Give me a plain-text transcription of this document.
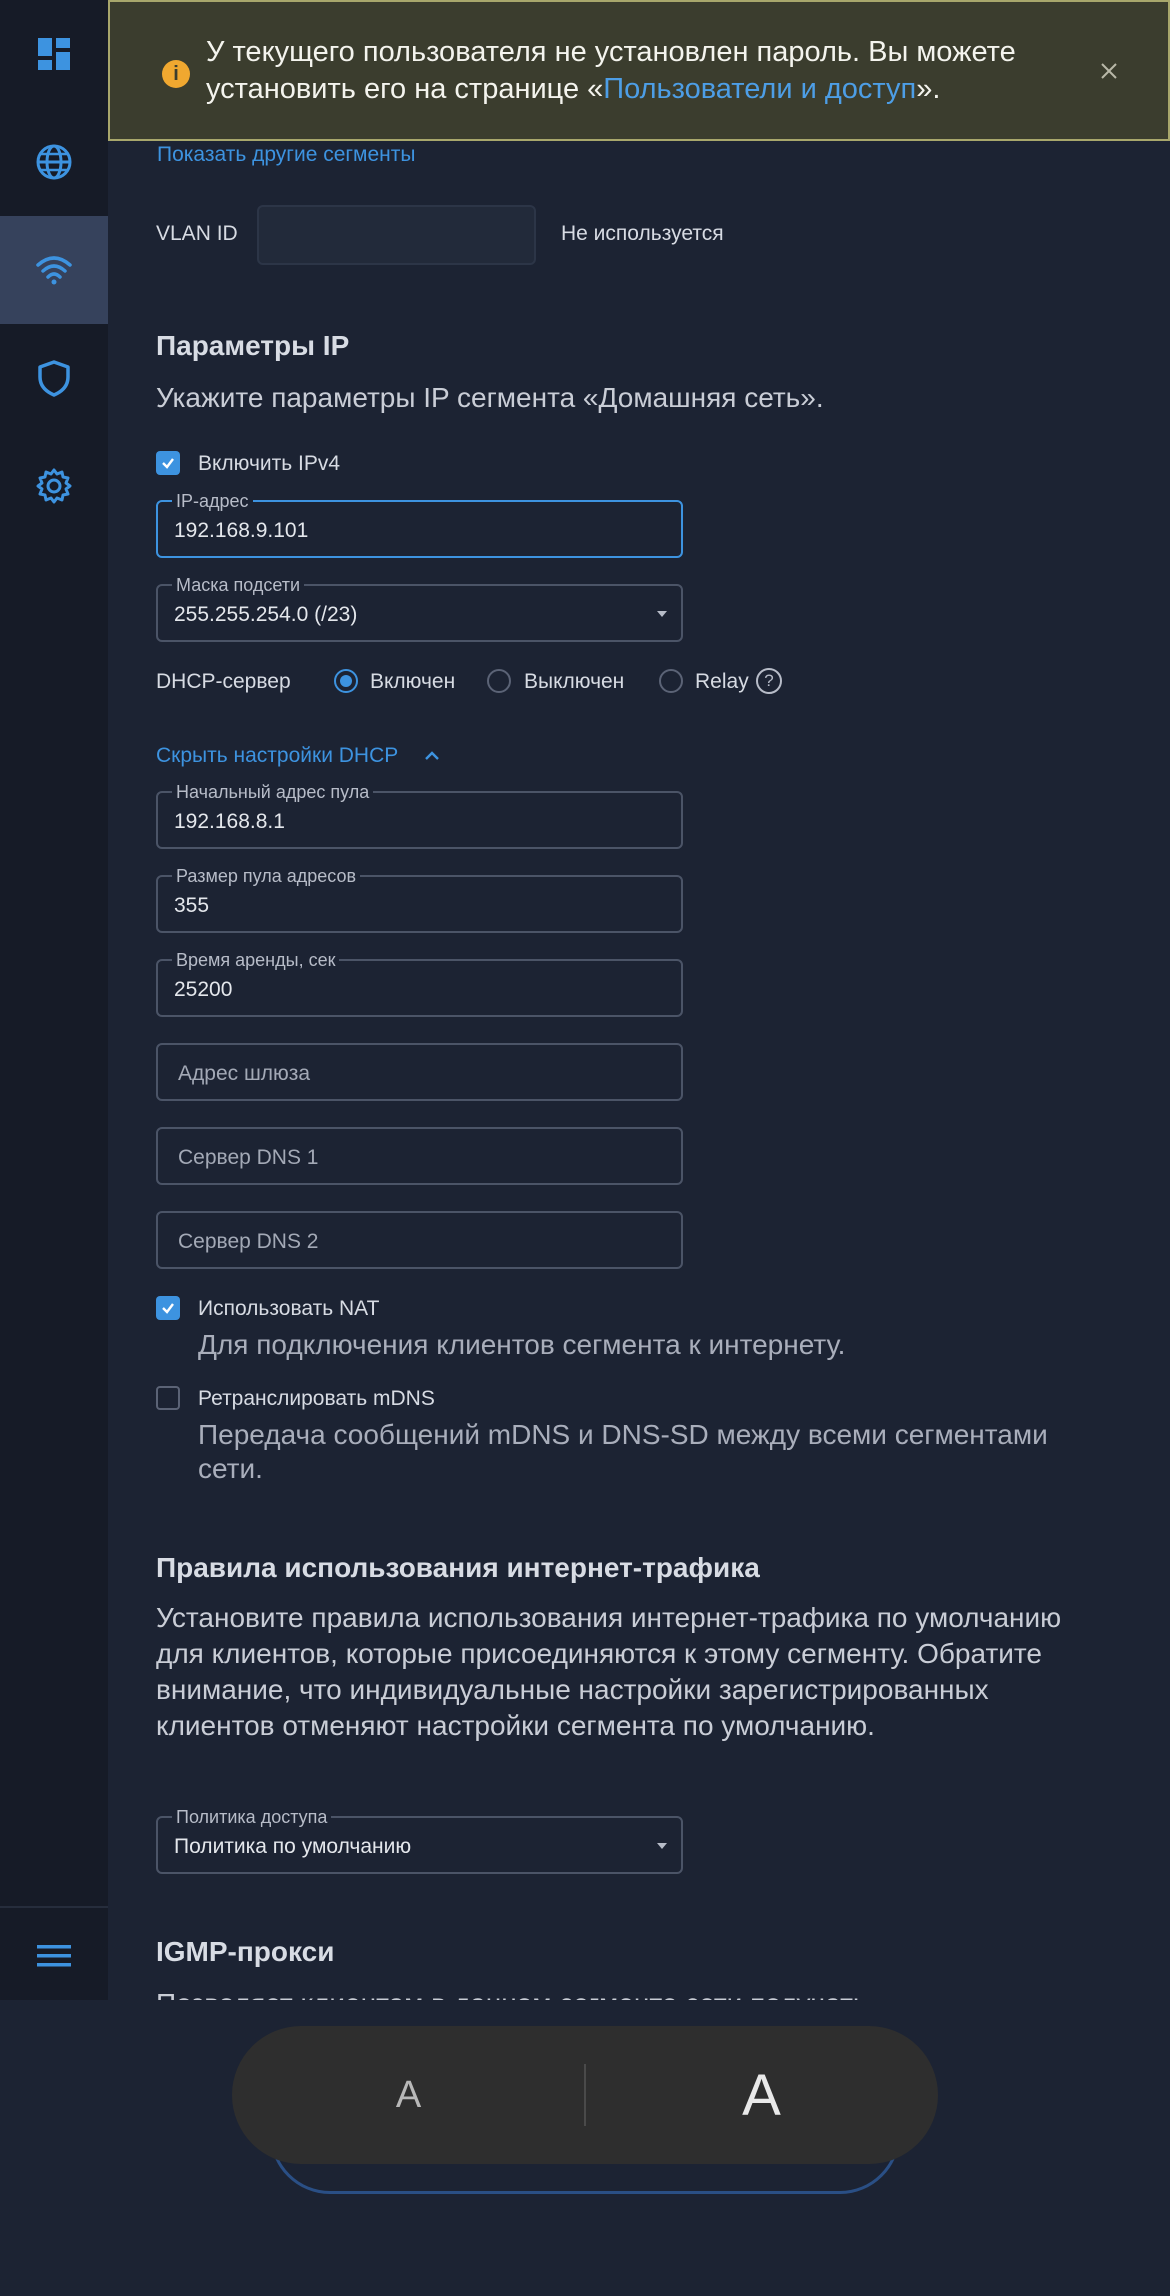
Показать другие сегменты
VLAN ID	Не используется
Параметры IP

Укажите параметры IP сегмента «Домашняя сеть».

Включить IPv4
IP-адрес
192.168.9.101
Маска подсети
255.255.254.0 (/23)
DHCP-сервер	Включен	Выключен	Relay ?
Скрыть настройки DHCP
Начальный адрес пула
192.168.8.1
Размер пула адресов
355
Время аренды, сек
25200
Адрес шлюза
Сервер DNS 1
Сервер DNS 2
Использовать NAT

Для подключения клиентов сегмента к интернету.

Ретранслировать mDNS

Передача сообщений mDNS и DNS-SD между всеми сегментами сети.

Правила использования интернет-трафика

Установите правила использования интернет-трафика по умолчанию для клиентов, которые присоединяются к этому сегменту. Обратите внимание, что индивидуальные настройки зарегистрированных клиентов отменяют настройки сегмента по умолчанию.

Политика доступа
Политика по умолчанию
IGMP-прокси
i

У текущего пользователя не установлен пароль. Вы можете установить его на странице «Пользователи и доступ».

A	A
